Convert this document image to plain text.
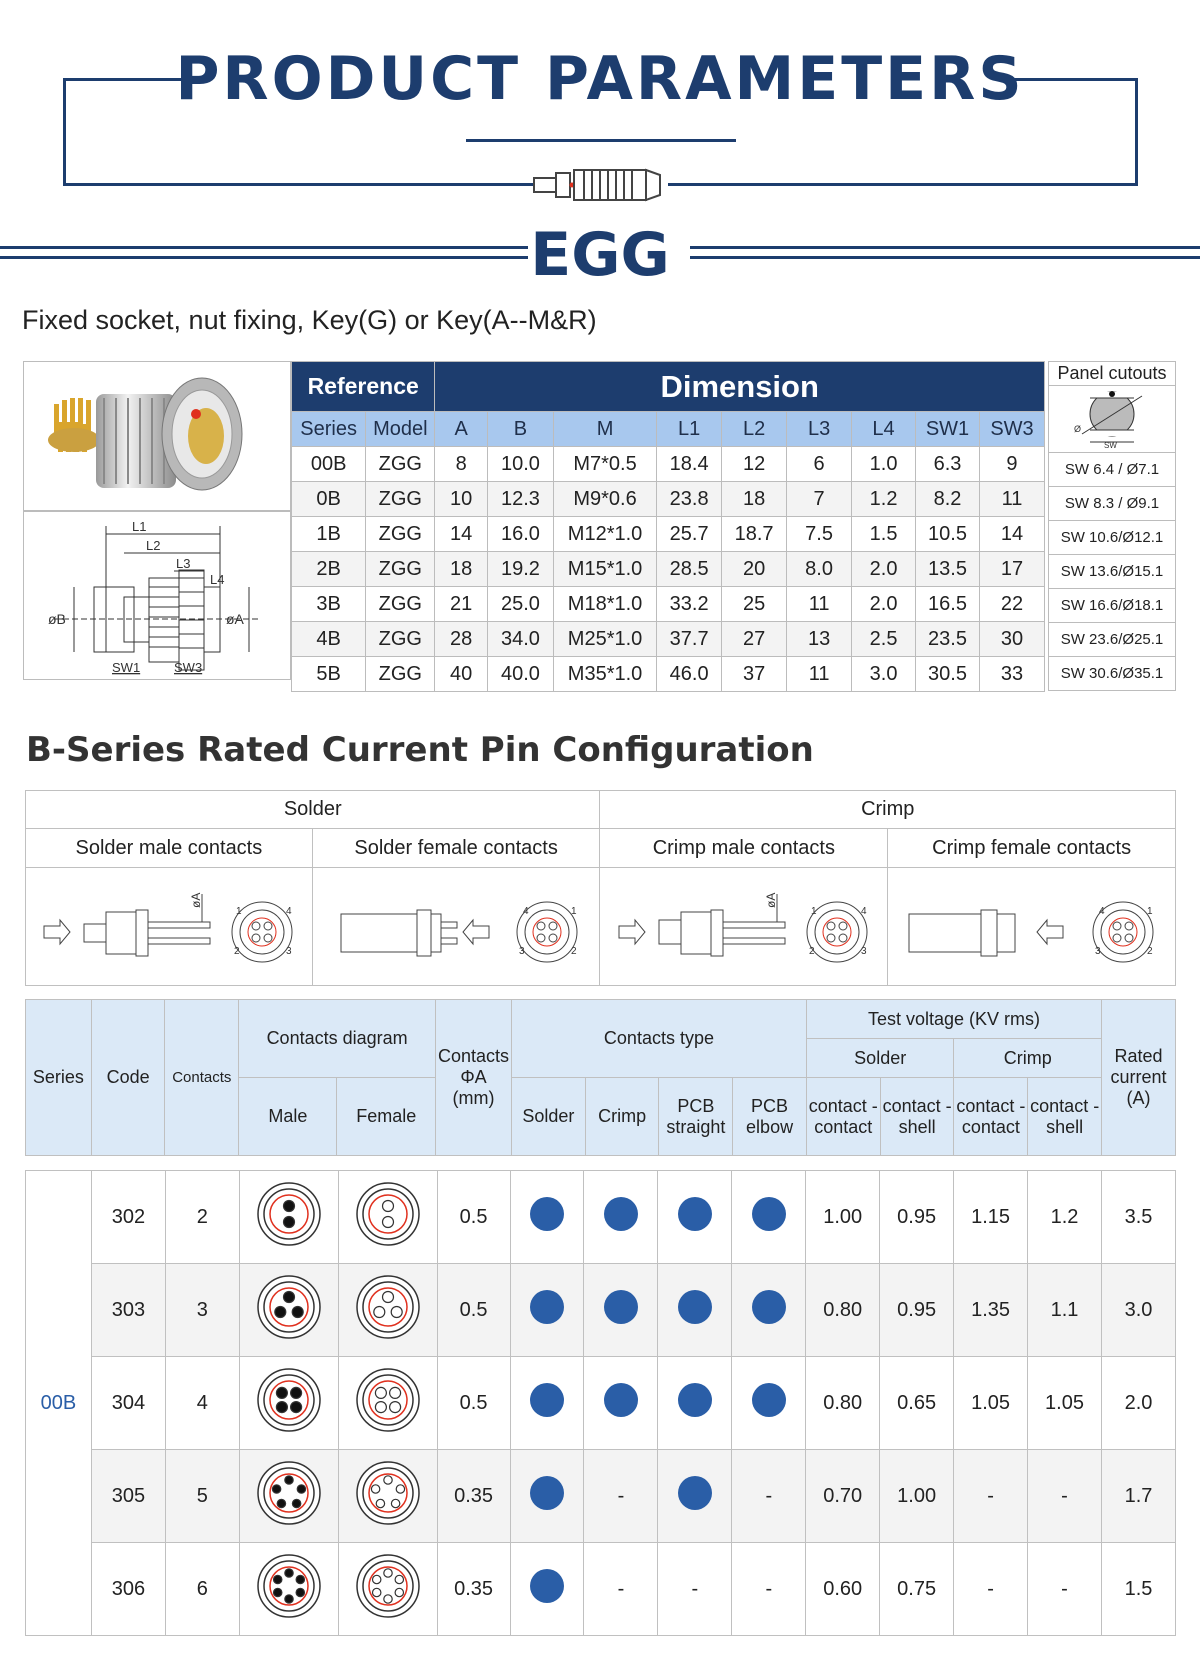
PRODUCT PARAMETERS
EGG
Fixed socket, nut fixing, Key(G) or Key(A--M&R)
L1
L2
L3
L4
øB	øA
SW1	SW3
Reference		Dimension								
Series	Model	A	B	M	L1	L2	L3	L4	SW1	SW3
00B	ZGG	8	10.0	M7*0.5	18.4	12	6	1.0	6.3	9
0B	ZGG	10	12.3	M9*0.6	23.8	18	7	1.2	8.2	11
1B	ZGG	14	16.0	M12*1.0	25.7	18.7	7.5	1.5	10.5	14
2B	ZGG	18	19.2	M15*1.0	28.5	20	8.0	2.0	13.5	17
3B	ZGG	21	25.0	M18*1.0	33.2	25	11	2.0	16.5	22
4B	ZGG	28	34.0	M25*1.0	37.7	27	13	2.5	23.5	30
5B	ZGG	40	40.0	M35*1.0	46.0	37	11	3.0	30.5	33
Panel cutouts

SW
Ø

SW 6.4 / Ø7.1
SW 8.3 / Ø9.1
SW 10.6/Ø12.1
SW 13.6/Ø15.1
SW 16.6/Ø18.1
SW 23.6/Ø25.1
SW 30.6/Ø35.1
B-Series Rated Current Pin Configuration
Solder		Crimp	
Solder male contacts	Solder female contacts	Crimp male contacts	Crimp female contacts

øA
1
2 3
4	4
3 2
1	øA
1
2 3
4	4
3 2
1
Series	Code	Contacts	Contacts diagram		Contacts ΦA (mm)	Contacts type				Test voltage (KV rms)				Rated current (A)
										Solder		Crimp		
			Male	Female		Solder	Crimp	PCB straight	PCB elbow	contact - contact	contact - shell	contact - contact	contact - shell	
00B	302	2			0.5					1.00	0.95	1.15	1.2	3.5
	303	3			0.5					0.80	0.95	1.35	1.1	3.0
	304	4			0.5					0.80	0.65	1.05	1.05	2.0
	305	5			0.35		-		-	0.70	1.00	-	-	1.7
	306	6			0.35		-	-	-	0.60	0.75	-	-	1.5
